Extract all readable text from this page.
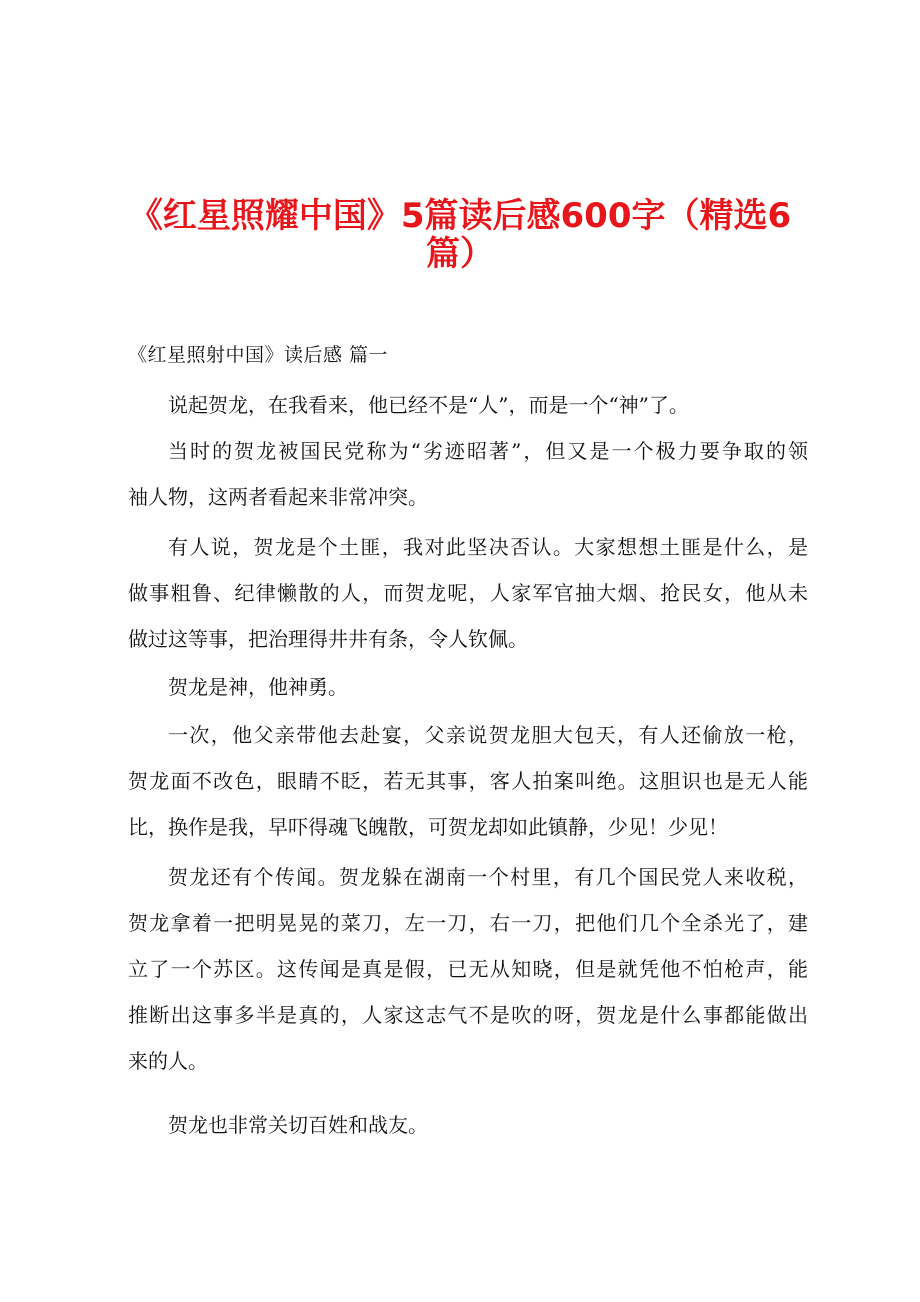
《红星照耀中国》5篇读后感600字（精选6
篇）
《红星照射中国》读后感 篇一
说起贺龙，在我看来，他已经不是“人”，而是一个“神”了。
当时的贺龙被国民党称为“劣迹昭著”，但又是一个极力要争取的领
袖人物，这两者看起来非常冲突。
有人说，贺龙是个土匪，我对此坚决否认。大家想想土匪是什么，是
做事粗鲁、纪律懒散的人，而贺龙呢，人家军官抽大烟、抢民女，他从未
做过这等事，把治理得井井有条，令人钦佩。
贺龙是神，他神勇。
一次，他父亲带他去赴宴，父亲说贺龙胆大包天，有人还偷放一枪，
贺龙面不改色，眼睛不眨，若无其事，客人拍案叫绝。这胆识也是无人能
比，换作是我，早吓得魂飞魄散，可贺龙却如此镇静，少见！少见！
贺龙还有个传闻。贺龙躲在湖南一个村里，有几个国民党人来收税，
贺龙拿着一把明晃晃的菜刀，左一刀，右一刀，把他们几个全杀光了，建
立了一个苏区。这传闻是真是假，已无从知晓，但是就凭他不怕枪声，能
推断出这事多半是真的，人家这志气不是吹的呀，贺龙是什么事都能做出
来的人。
贺龙也非常关切百姓和战友。
